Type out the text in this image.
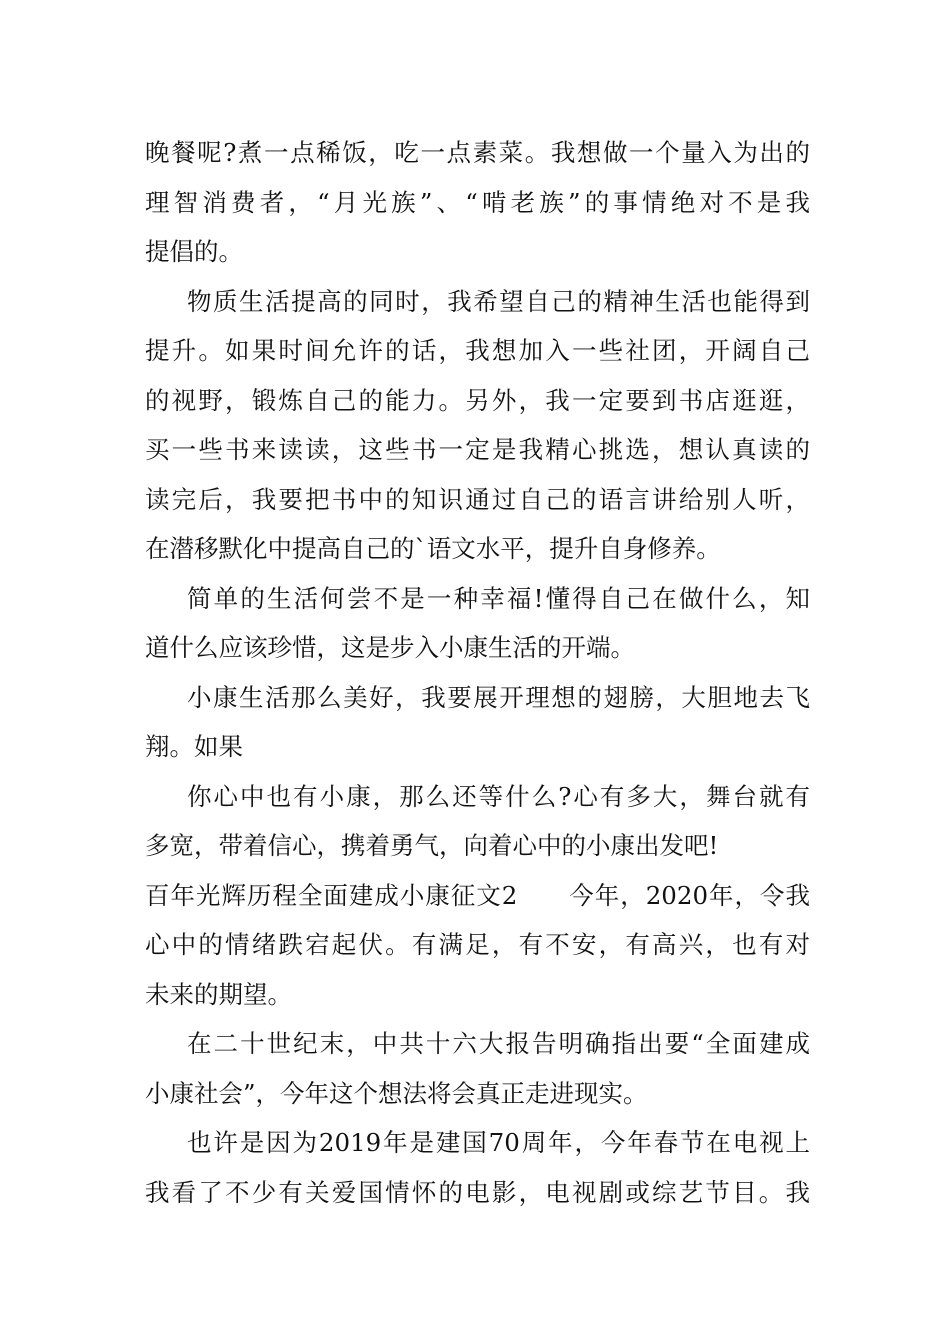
晚餐呢?煮一点稀饭，吃一点素菜。我想做一个量入为出的
理智消费者，“月光族”、“啃老族”的事情绝对不是我
提倡的。
物质生活提高的同时，我希望自己的精神生活也能得到
提升。如果时间允许的话，我想加入一些社团，开阔自己
的视野，锻炼自己的能力。另外，我一定要到书店逛逛，
买一些书来读读，这些书一定是我精心挑选，想认真读的
读完后，我要把书中的知识通过自己的语言讲给别人听，
在潜移默化中提高自己的`语文水平，提升自身修养。
简单的生活何尝不是一种幸福!懂得自己在做什么，知
道什么应该珍惜，这是步入小康生活的开端。
小康生活那么美好，我要展开理想的翅膀，大胆地去飞
翔。如果
你心中也有小康，那么还等什么?心有多大，舞台就有
多宽，带着信心，携着勇气，向着心中的小康出发吧!
百年光辉历程全面建成小康征文2　　今年，2020年，令我
心中的情绪跌宕起伏。有满足，有不安，有高兴，也有对
未来的期望。
在二十世纪末，中共十六大报告明确指出要“全面建成
小康社会”，今年这个想法将会真正走进现实。
也许是因为2019年是建国70周年，今年春节在电视上
我看了不少有关爱国情怀的电影，电视剧或综艺节目。我
